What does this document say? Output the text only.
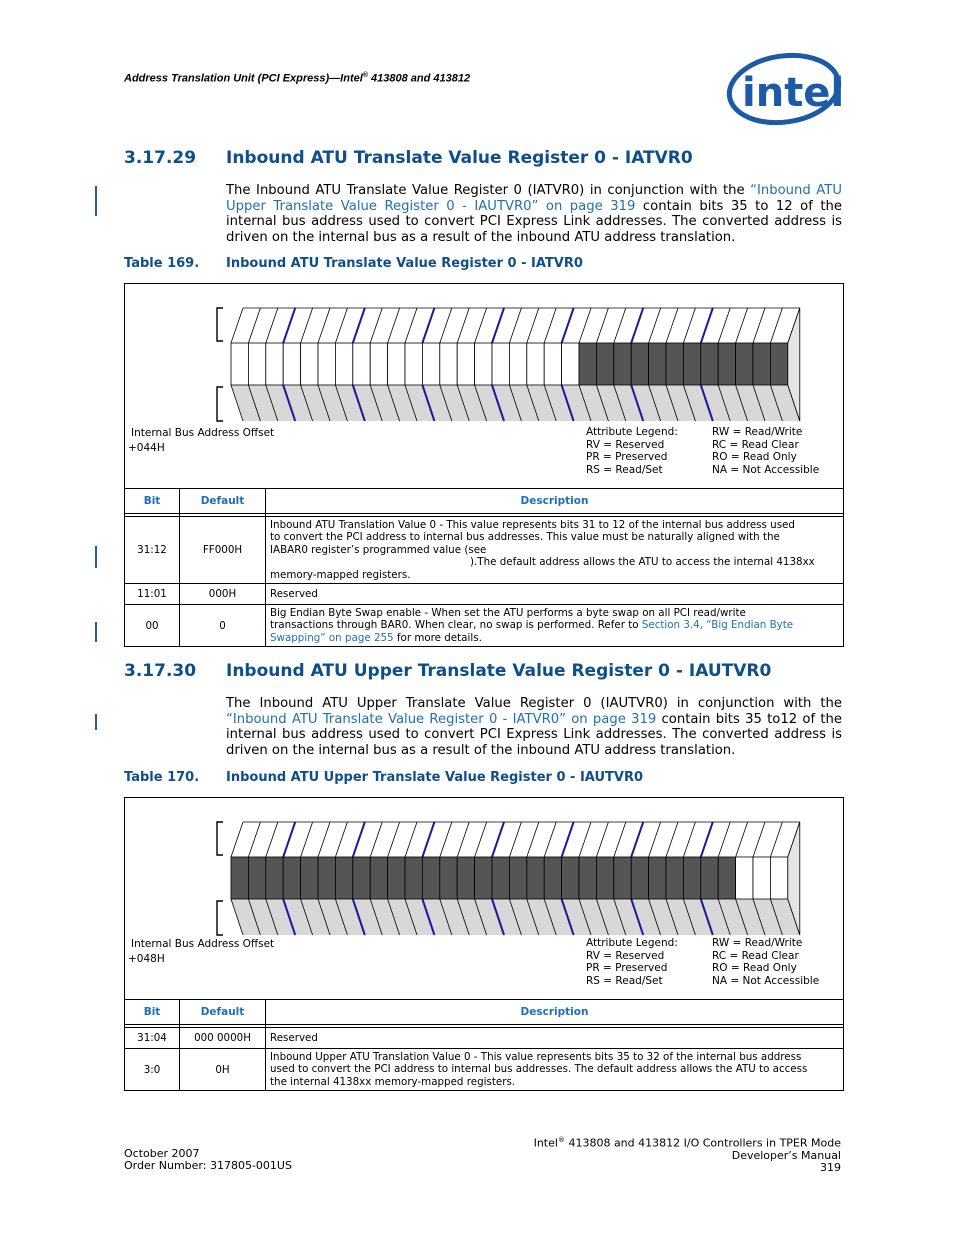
Address Translation Unit (PCI Express)—Intel® 413808 and 413812	intel
3.17.29 Inbound ATU Translate Value Register 0 - IATVR0
The Inbound ATU Translate Value Register 0 (IATVR0) in conjunction with the “Inbound ATU Upper Translate Value Register 0 - IAUTVR0” on page 319 contain bits 35 to 12 of the internal bus address used to convert PCI Express Link addresses. The converted address is driven on the internal bus as a result of the inbound ATU address translation.
Table 169. Inbound ATU Translate Value Register 0 - IATVR0
Internal Bus Address Offset
+044H
Attribute Legend:
RV = Reserved
PR = Preserved
RS = Read/Set
RW = Read/Write
RC = Read Clear
RO = Read Only
NA = Not Accessible
Bit	Default	Description

31:12	FF000H	Inbound ATU Translation Value 0 - This value represents bits 31 to 12 of the internal bus address used
to convert the PCI address to internal bus addresses. This value must be naturally aligned with the
IABAR0 register’s programmed value (see
).The default address allows the ATU to access the internal 4138xx
memory-mapped registers.

11:01	000H	Reserved
00	0	Big Endian Byte Swap enable - When set the ATU performs a byte swap on all PCI read/write
transactions through BAR0. When clear, no swap is performed. Refer to Section 3.4, “Big Endian Byte Swapping” on page 255 for more details.
3.17.30 Inbound ATU Upper Translate Value Register 0 - IAUTVR0
The Inbound ATU Upper Translate Value Register 0 (IAUTVR0) in conjunction with the “Inbound ATU Translate Value Register 0 - IATVR0” on page 319 contain bits 35 to12 of the internal bus address used to convert PCI Express Link addresses. The converted address is driven on the internal bus as a result of the inbound ATU address translation.
Table 170. Inbound ATU Upper Translate Value Register 0 - IAUTVR0
Internal Bus Address Offset
+048H
Attribute Legend:
RV = Reserved
PR = Preserved
RS = Read/Set
RW = Read/Write
RC = Read Clear
RO = Read Only
NA = Not Accessible
Bit	Default	Description

31:04	000 0000H	Reserved
3:0	0H	Inbound Upper ATU Translation Value 0 - This value represents bits 35 to 32 of the internal bus address
used to convert the PCI address to internal bus addresses. The default address allows the ATU to access
the internal 4138xx memory-mapped registers.
October 2007
Order Number: 317805-001US
Intel® 413808 and 413812 I/O Controllers in TPER Mode
Developer’s Manual
319
